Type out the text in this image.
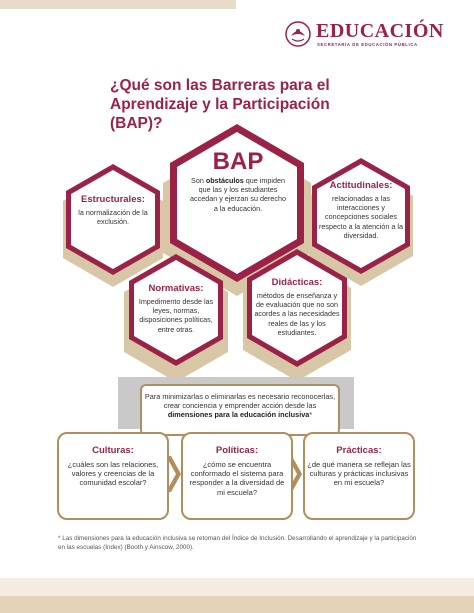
EDUCACIÓN
SECRETARÍA DE EDUCACIÓN PÚBLICA
¿Qué son las Barreras para el Aprendizaje y la Participación (BAP)?
BAP
Son obstáculos que impiden que las y los estudiantes accedan y ejerzan su derecho a la educación.
Estructurales:
la normalización de la exclusión.
Actitudinales:
relacionadas a las interacciones y concepciones sociales respecto a la atención a la diversidad.
Normativas:
Impedimento desde las leyes, normas, disposiciones políticas, entre otras.
Didácticas:
métodos de enseñanza y de evaluación que no son acordes a las necesidades reales de las y los estudiantes.
Para minimizarlas o eliminarlas es necesario reconocerlas, crear conciencia y emprender acción desde las dimensiones para la educación inclusiva*
Culturas:
¿cuáles son las relaciones, valores y creencias de la comunidad escolar?
Políticas:
¿cómo se encuentra conformado el sistema para responder a la diversidad de mi escuela?
Prácticas:
¿de qué manera se reflejan las culturas y prácticas inclusivas en mi escuela?
* Las dimensiones para la educación inclusiva se retoman del Índice de Inclusión. Desarrollando el aprendizaje y la participación en las escuelas (Index) (Booth y Ainscow, 2000).
